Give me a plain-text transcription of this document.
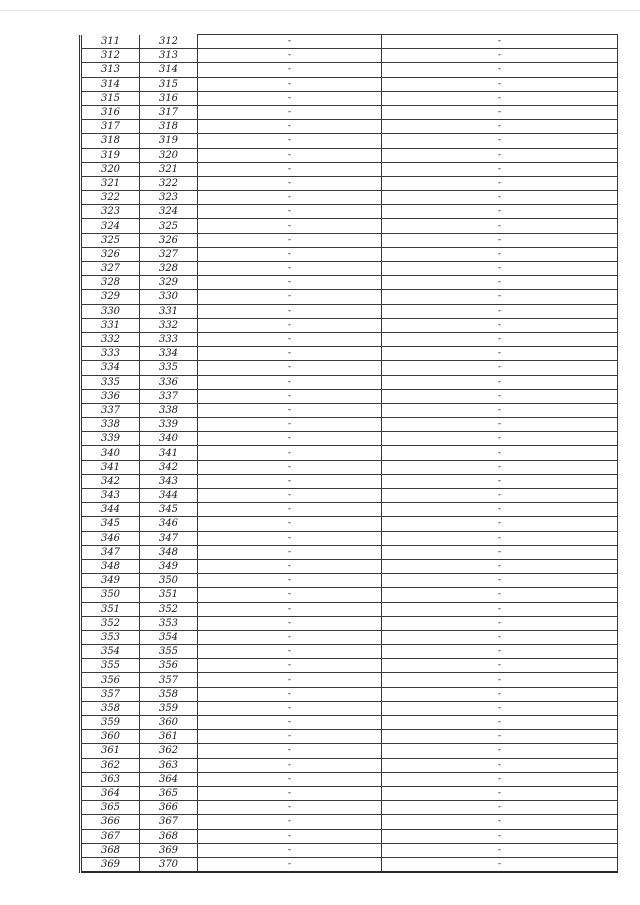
311	312	-	-
312	313	-	-
313	314	-	-
314	315	-	-
315	316	-	-
316	317	-	-
317	318	-	-
318	319	-	-
319	320	-	-
320	321	-	-
321	322	-	-
322	323	-	-
323	324	-	-
324	325	-	-
325	326	-	-
326	327	-	-
327	328	-	-
328	329	-	-
329	330	-	-
330	331	-	-
331	332	-	-
332	333	-	-
333	334	-	-
334	335	-	-
335	336	-	-
336	337	-	-
337	338	-	-
338	339	-	-
339	340	-	-
340	341	-	-
341	342	-	-
342	343	-	-
343	344	-	-
344	345	-	-
345	346	-	-
346	347	-	-
347	348	-	-
348	349	-	-
349	350	-	-
350	351	-	-
351	352	-	-
352	353	-	-
353	354	-	-
354	355	-	-
355	356	-	-
356	357	-	-
357	358	-	-
358	359	-	-
359	360	-	-
360	361	-	-
361	362	-	-
362	363	-	-
363	364	-	-
364	365	-	-
365	366	-	-
366	367	-	-
367	368	-	-
368	369	-	-
369	370	-	-
